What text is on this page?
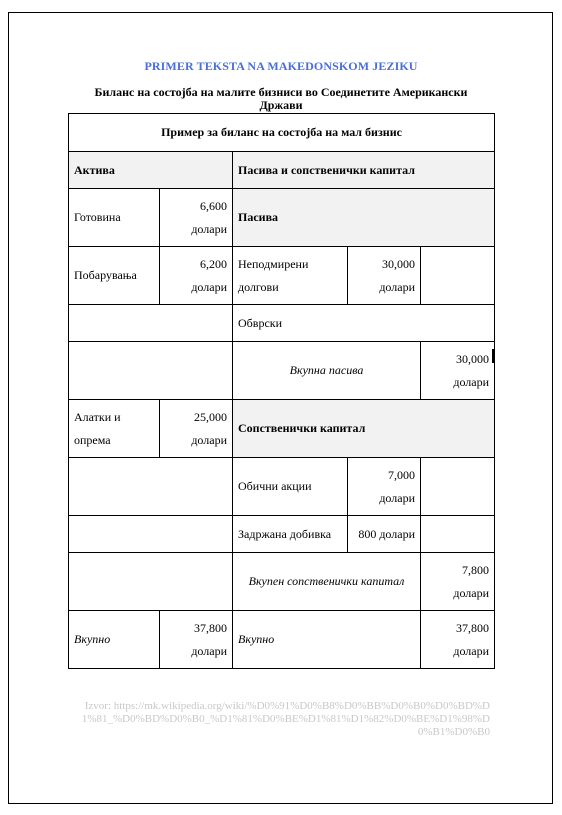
PRIMER TEKSTA NA MAKEDONSKOM JEZIKU
Биланс на состојба на малите бизниси во Соединетите Американски Држави
Пример за биланс на состојба на мал бизнис				
Актива		Пасива и сопственички капитал		
Готовина	6,600 долари	Пасива		
Побарувања	6,200 долари	Неподмирени долгови	30,000 долари	
		Обврски		
		Вкупна пасива		30,000 долари
Алатки и опрема	25,000 долари	Сопственички капитал		
		Обични акции	7,000 долари	
		Задржана добивка	800 долари	
		Вкупен сопственички капитал		7,800 долари
Вкупно	37,800 долари	Вкупно		37,800 долари
Izvor: https://mk.wikipedia.org/wiki/%D0%91%D0%B8%D0%BB%D0%B0%D0%BD%D1%81_%D0%BD%D0%B0_%D1%81%D0%BE%D1%81%D1%82%D0%BE%D1%98%D0%B1%D0%B0
